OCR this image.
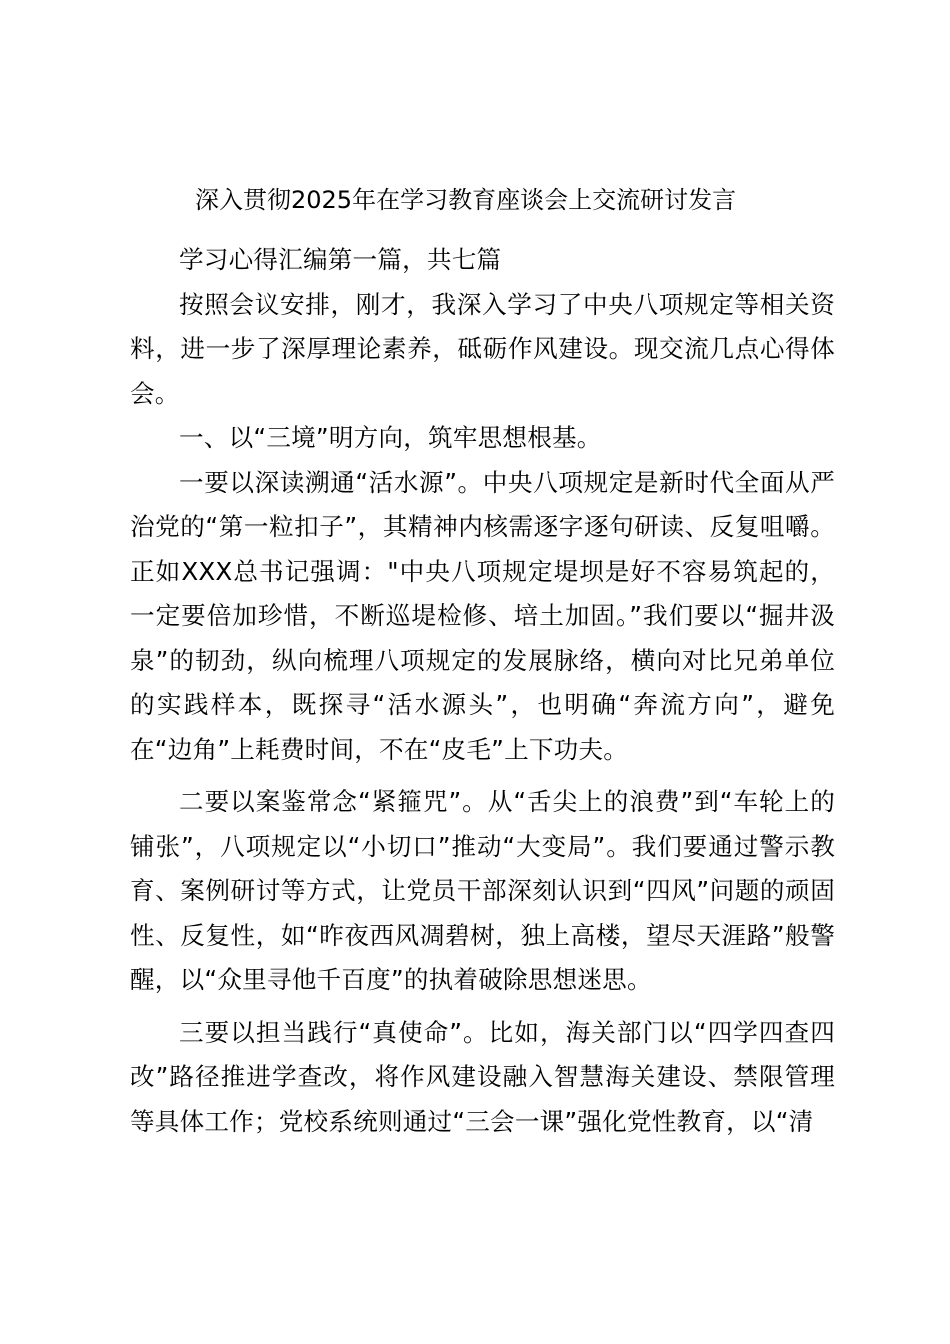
深入贯彻2025年在学习教育座谈会上交流研讨发言

学习心得汇编第一篇，共七篇

按照会议安排，刚才，我深入学习了中央八项规定等相关资料，进一步了深厚理论素养，砥砺作风建设。现交流几点心得体会。

一、以“三境”明方向，筑牢思想根基。

一要以深读溯通“活水源”。中央八项规定是新时代全面从严治党的“第一粒扣子”，其精神内核需逐字逐句研读、反复咀嚼。正如XXX总书记强调："中央八项规定堤坝是好不容易筑起的，一定要倍加珍惜，不断巡堤检修、培土加固。”我们要以“掘井汲泉”的韧劲，纵向梳理八项规定的发展脉络，横向对比兄弟单位的实践样本，既探寻“活水源头”，也明确“奔流方向”，避免在“边角”上耗费时间，不在“皮毛”上下功夫。

二要以案鉴常念“紧箍咒”。从“舌尖上的浪费”到“车轮上的铺张”，八项规定以“小切口”推动“大变局”。我们要通过警示教育、案例研讨等方式，让党员干部深刻认识到“四风”问题的顽固性、反复性，如“昨夜西风凋碧树，独上高楼，望尽天涯路”般警醒，以“众里寻他千百度”的执着破除思想迷思。

三要以担当践行“真使命”。比如，海关部门以“四学四查四改”路径推进学查改，将作风建设融入智慧海关建设、禁限管理等具体工作；党校系统则通过“三会一课”强化党性教育，以“清
